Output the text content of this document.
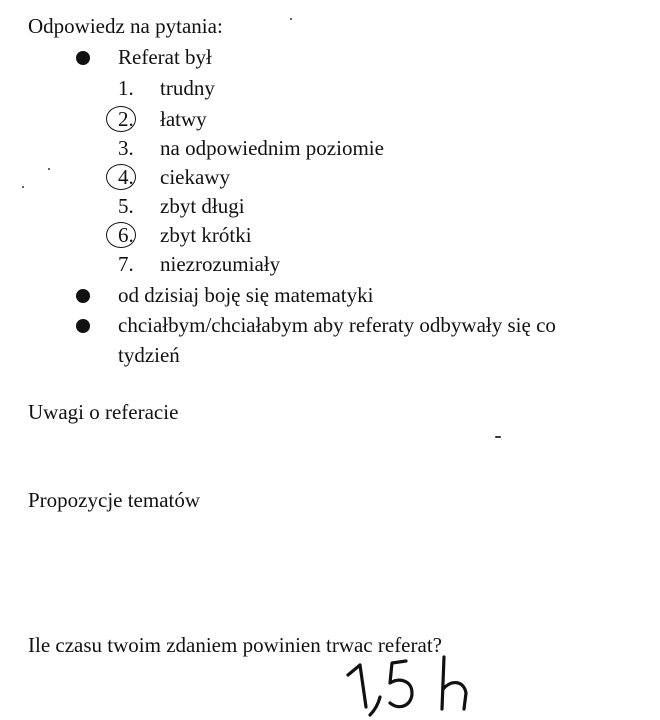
Odpowiedz na pytania:
Referat był
1.	trudny
2.	łatwy
3.	na odpowiednim poziomie
4.	ciekawy
5.	zbyt długi
6.	zbyt krótki
7.	niezrozumiały
od dzisiaj boję się matematyki
chciałbym/chciałabym aby referaty odbywały się co
tydzień
Uwagi o referacie
Propozycje tematów
Ile czasu twoim zdaniem powinien trwac referat?
